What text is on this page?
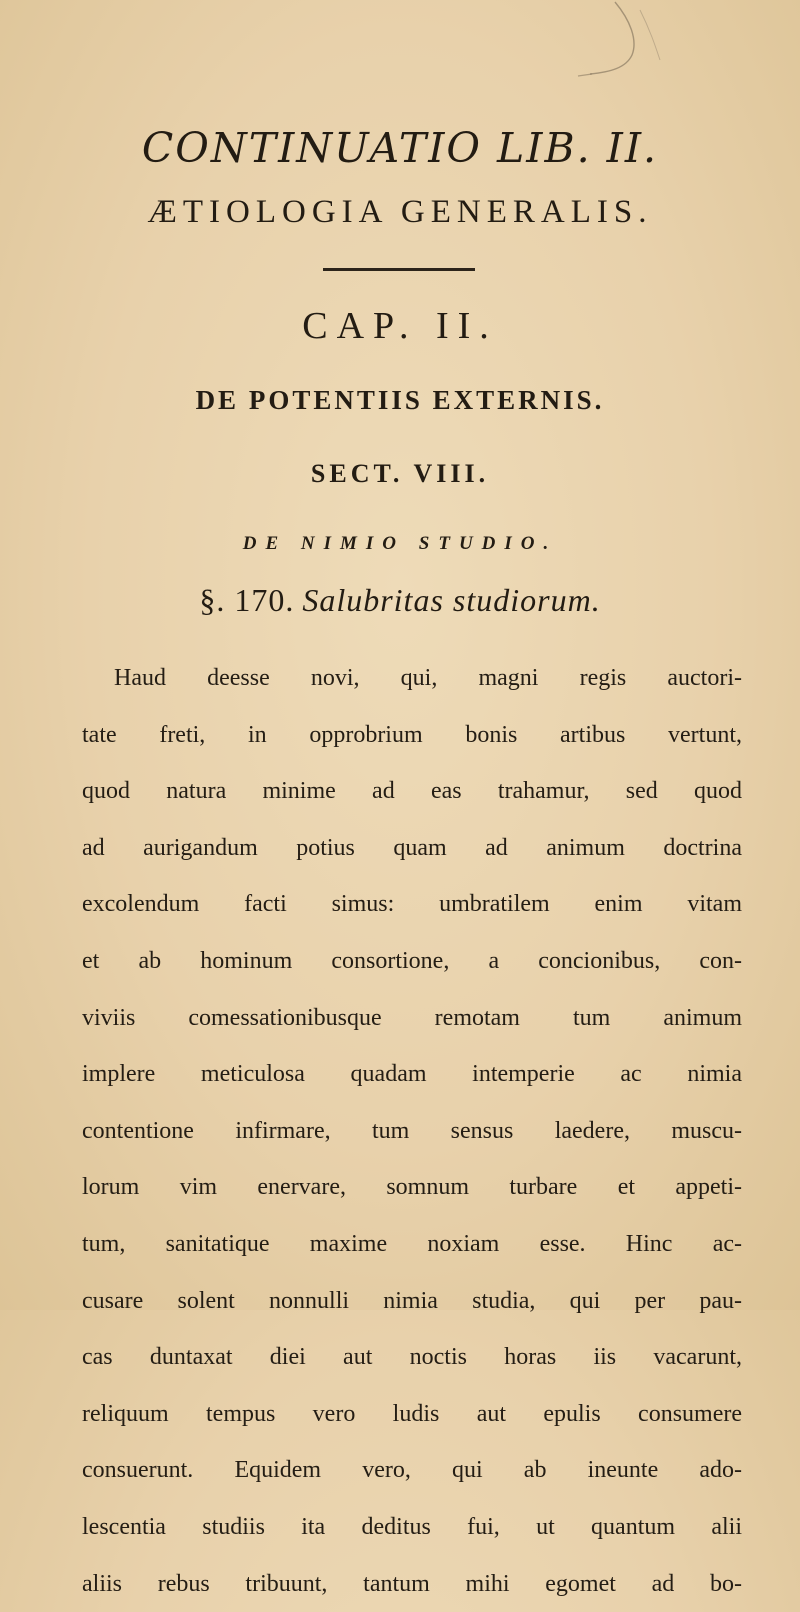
CONTINUATIO LIB. II.
ÆTIOLOGIA GENERALIS.
CAP. II.
DE POTENTIIS EXTERNIS.
SECT. VIII.
DE NIMIO STUDIO.
§. 170. Salubritas studiorum.
Haud deesse novi, qui, magni regis auctori-
tate freti, in opprobrium bonis artibus vertunt,
quod natura minime ad eas trahamur, sed quod
ad aurigandum potius quam ad animum doctrina
excolendum facti simus: umbratilem enim vitam
et ab hominum consortione, a concionibus, con-
viviis comessationibusque remotam tum animum
implere meticulosa quadam intemperie ac nimia
contentione infirmare, tum sensus laedere, muscu-
lorum vim enervare, somnum turbare et appeti-
tum, sanitatique maxime noxiam esse. Hinc ac-
cusare solent nonnulli nimia studia, qui per pau-
cas duntaxat diei aut noctis horas iis vacarunt,
reliquum tempus vero ludis aut epulis consumere
consuerunt. Equidem vero, qui ab ineunte ado-
lescentia studiis ita deditus fui, ut quantum alii
aliis rebus tribuunt, tantum mihi egomet ad bo-
